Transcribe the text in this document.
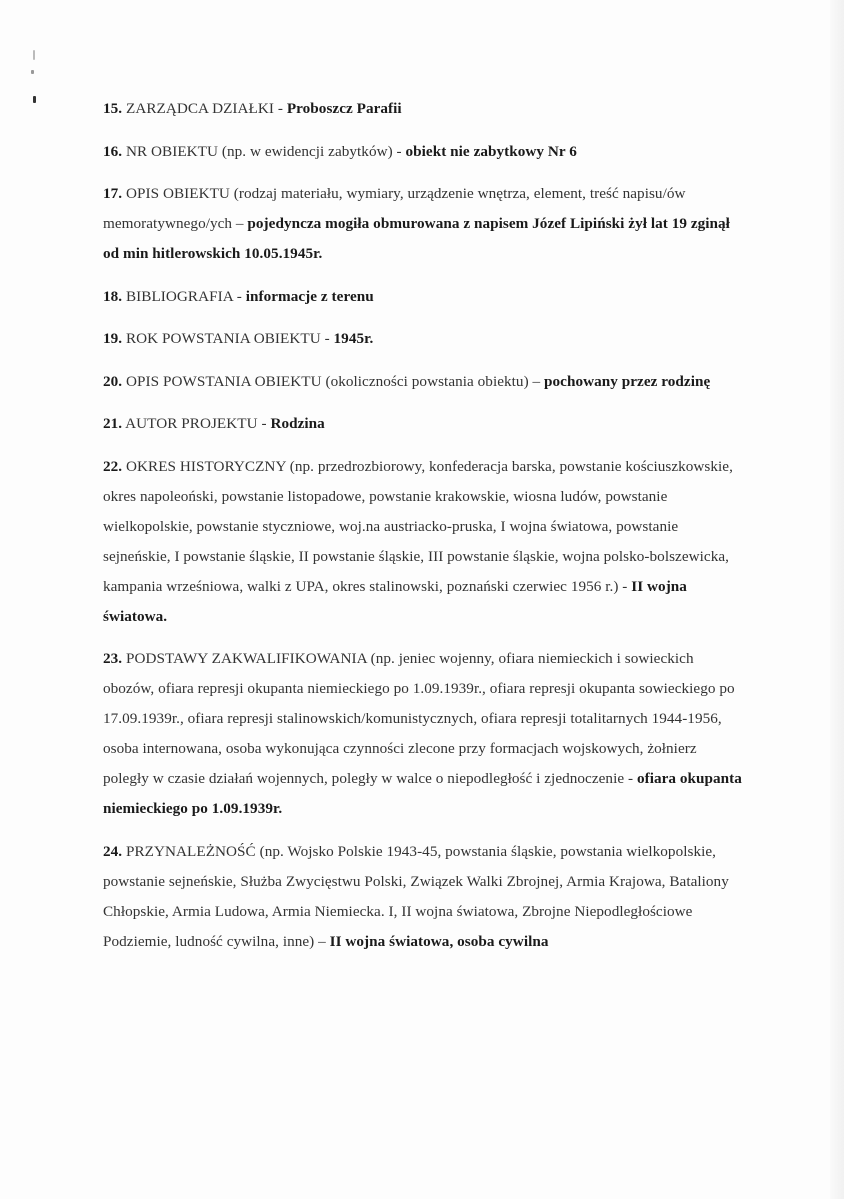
15. ZARZĄDCA DZIAŁKI - Proboszcz Parafii

16. NR OBIEKTU (np. w ewidencji zabytków) - obiekt nie zabytkowy Nr 6

17. OPIS OBIEKTU (rodzaj materiału, wymiary, urządzenie wnętrza, element, treść napisu/ów memoratywnego/ych – pojedyncza mogiła obmurowana z napisem Józef Lipiński żył lat 19 zginął od min hitlerowskich 10.05.1945r.

18. BIBLIOGRAFIA - informacje z terenu

19. ROK POWSTANIA OBIEKTU - 1945r.

20. OPIS POWSTANIA OBIEKTU (okoliczności powstania obiektu) – pochowany przez rodzinę

21. AUTOR PROJEKTU - Rodzina

22. OKRES HISTORYCZNY (np. przedrozbiorowy, konfederacja barska, powstanie kościuszkowskie, okres napoleoński, powstanie listopadowe, powstanie krakowskie, wiosna ludów, powstanie wielkopolskie, powstanie styczniowe, woj.na austriacko-pruska, I wojna światowa, powstanie sejneńskie, I powstanie śląskie, II powstanie śląskie, III powstanie śląskie, wojna polsko-bolszewicka, kampania wrześniowa, walki z UPA, okres stalinowski, poznański czerwiec 1956 r.) - II wojna światowa.

23. PODSTAWY ZAKWALIFIKOWANIA (np. jeniec wojenny, ofiara niemieckich i sowieckich obozów, ofiara represji okupanta niemieckiego po 1.09.1939r., ofiara represji okupanta sowieckiego po 17.09.1939r., ofiara represji stalinowskich/komunistycznych, ofiara represji totalitarnych 1944-1956, osoba internowana, osoba wykonująca czynności zlecone przy formacjach wojskowych, żołnierz poległy w czasie działań wojennych, poległy w walce o niepodległość i zjednoczenie - ofiara okupanta niemieckiego po 1.09.1939r.

24. PRZYNALEŻNOŚĆ (np. Wojsko Polskie 1943-45, powstania śląskie, powstania wielkopolskie, powstanie sejneńskie, Służba Zwycięstwu Polski, Związek Walki Zbrojnej, Armia Krajowa, Bataliony Chłopskie, Armia Ludowa, Armia Niemiecka. I, II wojna światowa, Zbrojne Niepodległościowe Podziemie, ludność cywilna, inne) – II wojna światowa, osoba cywilna
